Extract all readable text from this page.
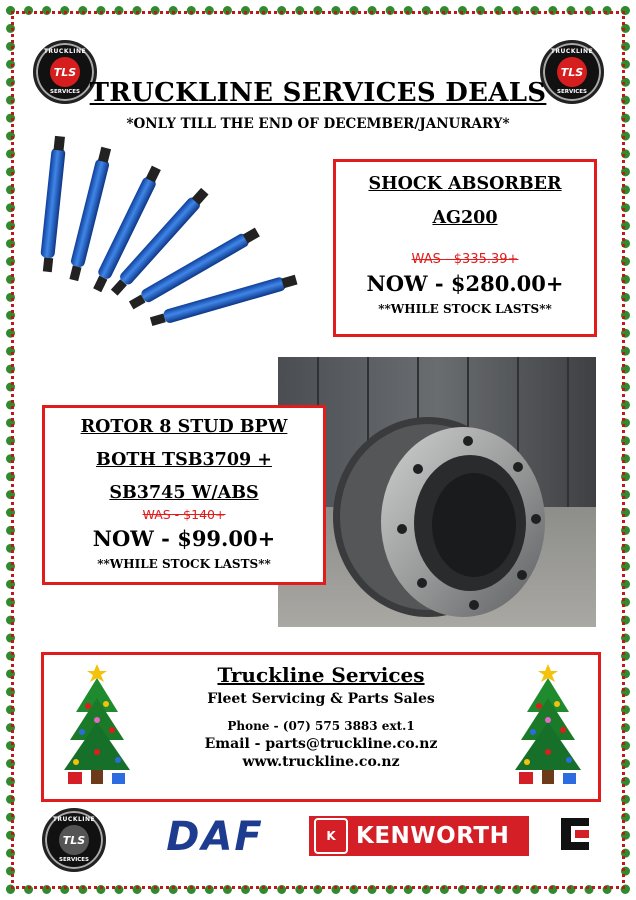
TRUCKLINE
TLS
SERVICES
TRUCKLINE
TLS
SERVICES
TRUCKLINE SERVICES DEALS
*ONLY TILL THE END OF DECEMBER/JANURARY*
SHOCK ABSORBER
AG200
WAS - $335.39+
NOW - $280.00+
**WHILE STOCK LASTS**
ROTOR 8 STUD BPW
BOTH TSB3709 +
SB3745 W/ABS
WAS - $140+
NOW - $99.00+
**WHILE STOCK LASTS**
Truckline Services
Fleet Servicing & Parts Sales
Phone - (07) 575 3883 ext.1
Email - parts@truckline.co.nz
www.truckline.co.nz
TRUCKLINE
TLS
SERVICES	DAF	K KENWORTH
